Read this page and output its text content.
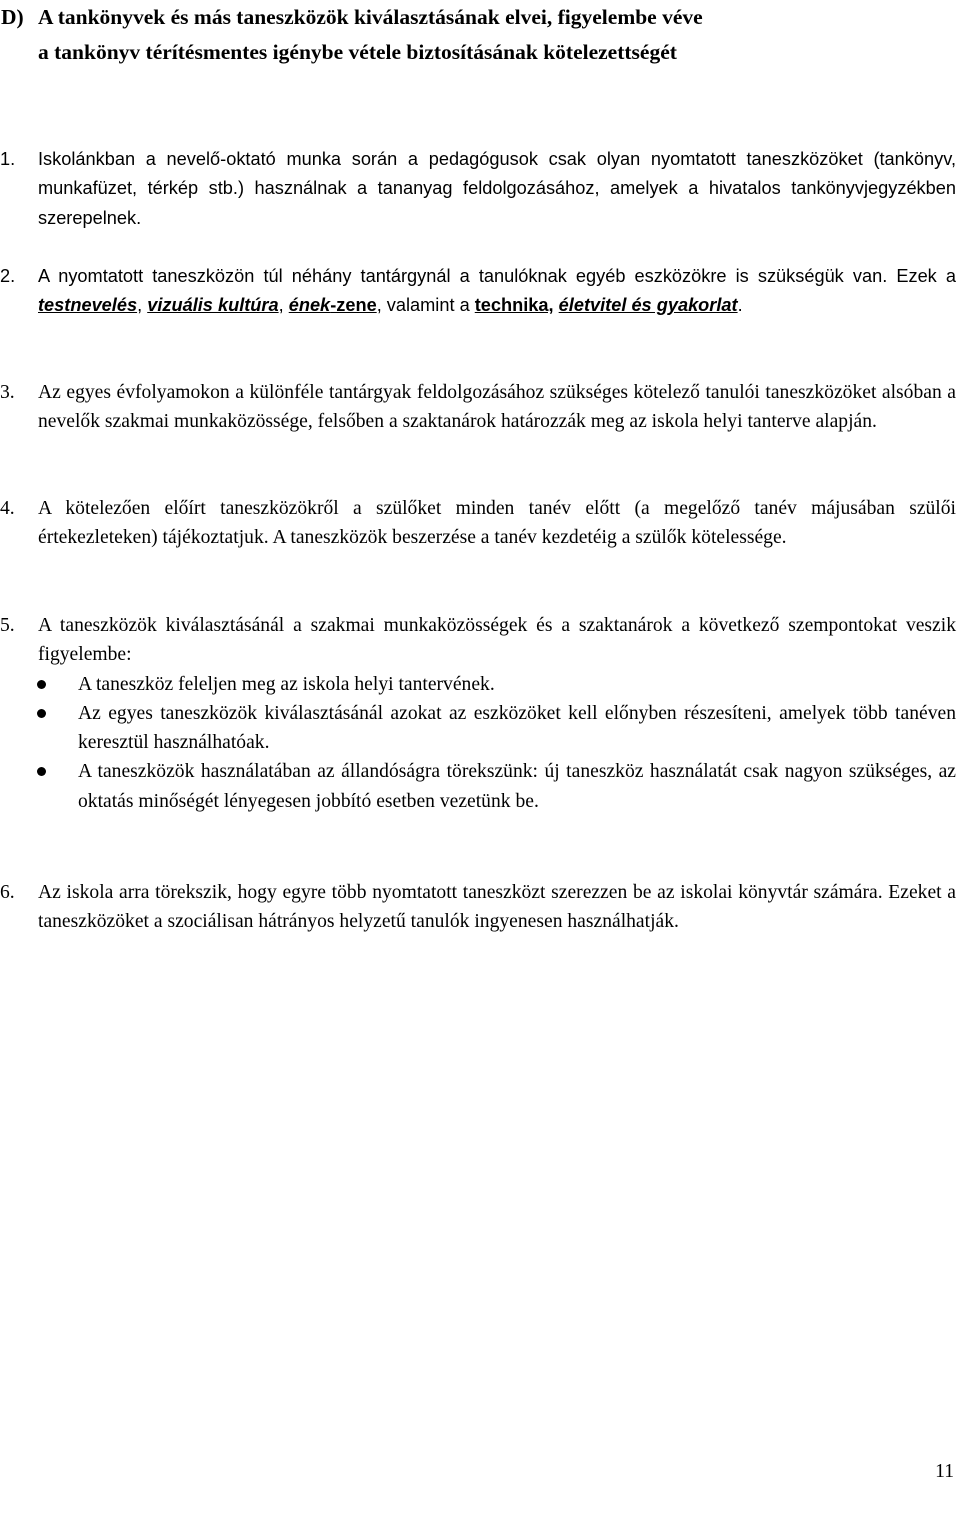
D) A tankönyvek és más taneszközök kiválasztásának elvei, figyelembe véve
a tankönyv térítésmentes igénybe vétele biztosításának kötelezettségét
1.	Iskolánkban a nevelő-oktató munka során a pedagógusok csak olyan nyomtatott taneszközöket (tankönyv, munkafüzet, térkép stb.) használnak a tananyag feldolgozásához, amelyek a hivatalos tankönyvjegyzékben szerepelnek.
2.	A nyomtatott taneszközön túl néhány tantárgynál a tanulóknak egyéb eszközökre is szükségük van. Ezek a testnevelés, vizuális kultúra, ének-zene, valamint a technika, életvitel és gyakorlat.
3.	Az egyes évfolyamokon a különféle tantárgyak feldolgozásához szükséges kötelező tanulói taneszközöket alsóban a nevelők szakmai munkaközössége, felsőben a szaktanárok határozzák meg az iskola helyi tanterve alapján.
4.	A kötelezően előírt taneszközökről a szülőket minden tanév előtt (a megelőző tanév májusában szülői értekezleteken) tájékoztatjuk. A taneszközök beszerzése a tanév kezdetéig a szülők kötelessége.
5.	A taneszközök kiválasztásánál a szakmai munkaközösségek és a szaktanárok a következő szempontokat veszik figyelembe:
A taneszköz feleljen meg az iskola helyi tantervének.
Az egyes taneszközök kiválasztásánál azokat az eszközöket kell előnyben részesíteni, amelyek több tanéven keresztül használhatóak.
A taneszközök használatában az állandóságra törekszünk: új taneszköz használatát csak nagyon szükséges, az oktatás minőségét lényegesen jobbító esetben vezetünk be.
6.	Az iskola arra törekszik, hogy egyre több nyomtatott taneszközt szerezzen be az iskolai könyvtár számára. Ezeket a taneszközöket a szociálisan hátrányos helyzetű tanulók ingyenesen használhatják.
11
